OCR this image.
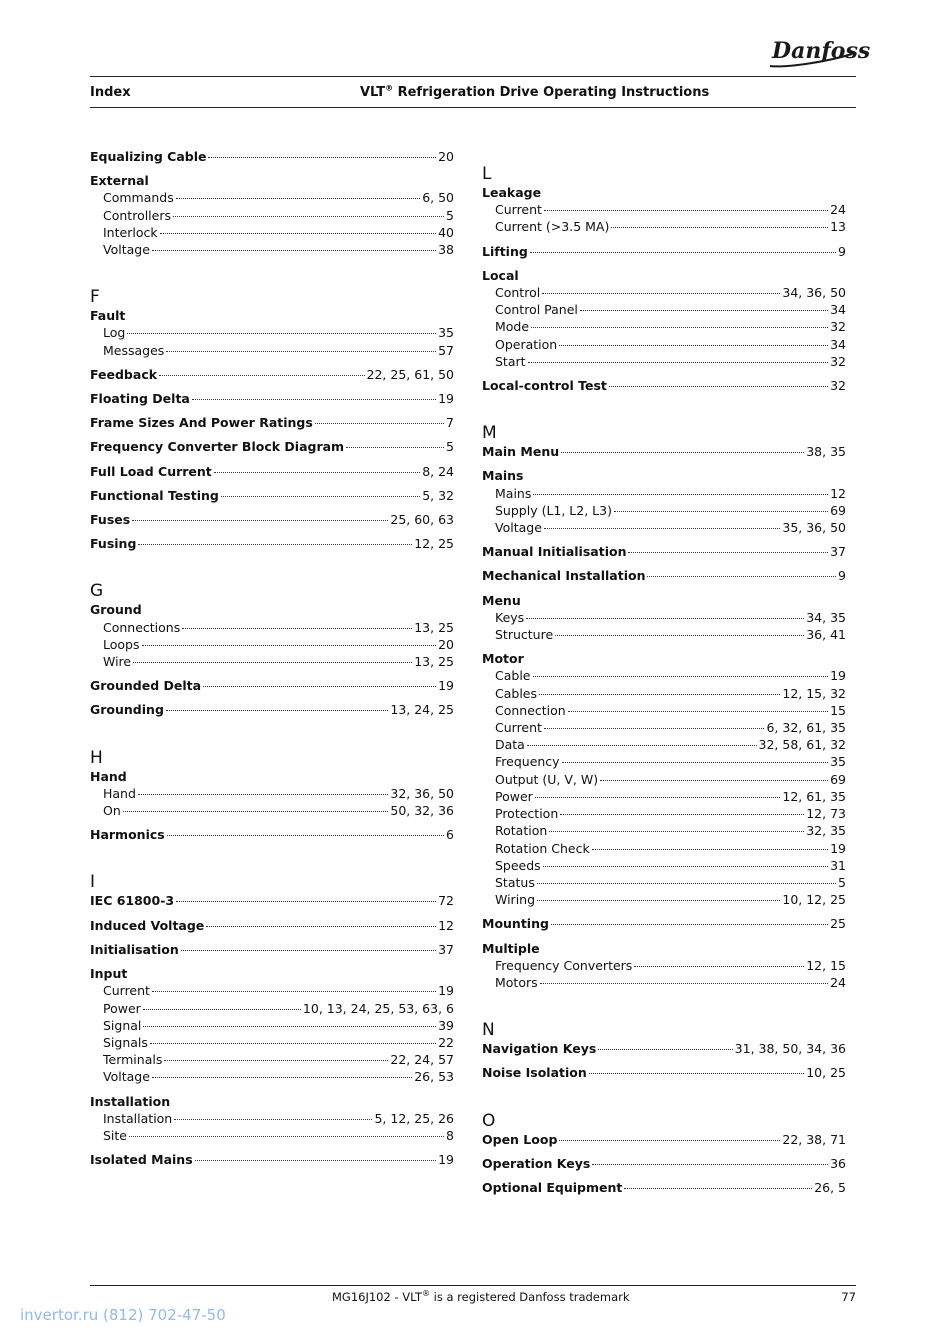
Danfoss
Index	VLT® Refrigeration Drive Operating Instructions
Equalizing Cable	20
External
Commands	6, 50
Controllers	5
Interlock	40
Voltage	38
F
Fault
Log	35
Messages	57
Feedback	22, 25, 61, 50
Floating Delta	19
Frame Sizes And Power Ratings	7
Frequency Converter Block Diagram	5
Full Load Current	8, 24
Functional Testing	5, 32
Fuses	25, 60, 63
Fusing	12, 25
G
Ground
Connections	13, 25
Loops	20
Wire	13, 25
Grounded Delta	19
Grounding	13, 24, 25
H
Hand
Hand	32, 36, 50
On	50, 32, 36
Harmonics	6
I
IEC 61800-3	72
Induced Voltage	12
Initialisation	37
Input
Current	19
Power	10, 13, 24, 25, 53, 63, 6
Signal	39
Signals	22
Terminals	22, 24, 57
Voltage	26, 53
Installation
Installation	5, 12, 25, 26
Site	8
Isolated Mains	19
L
Leakage
Current	24
Current (>3.5 MA)	13
Lifting	9
Local
Control	34, 36, 50
Control Panel	34
Mode	32
Operation	34
Start	32
Local-control Test	32
M
Main Menu	38, 35
Mains
Mains	12
Supply (L1, L2, L3)	69
Voltage	35, 36, 50
Manual Initialisation	37
Mechanical Installation	9
Menu
Keys	34, 35
Structure	36, 41
Motor
Cable	19
Cables	12, 15, 32
Connection	15
Current	6, 32, 61, 35
Data	32, 58, 61, 32
Frequency	35
Output (U, V, W)	69
Power	12, 61, 35
Protection	12, 73
Rotation	32, 35
Rotation Check	19
Speeds	31
Status	5
Wiring	10, 12, 25
Mounting	25
Multiple
Frequency Converters	12, 15
Motors	24
N
Navigation Keys	31, 38, 50, 34, 36
Noise Isolation	10, 25
O
Open Loop	22, 38, 71
Operation Keys	36
Optional Equipment	26, 5
MG16J102 - VLT® is a registered Danfoss trademark	77
invertor.ru (812) 702-47-50
